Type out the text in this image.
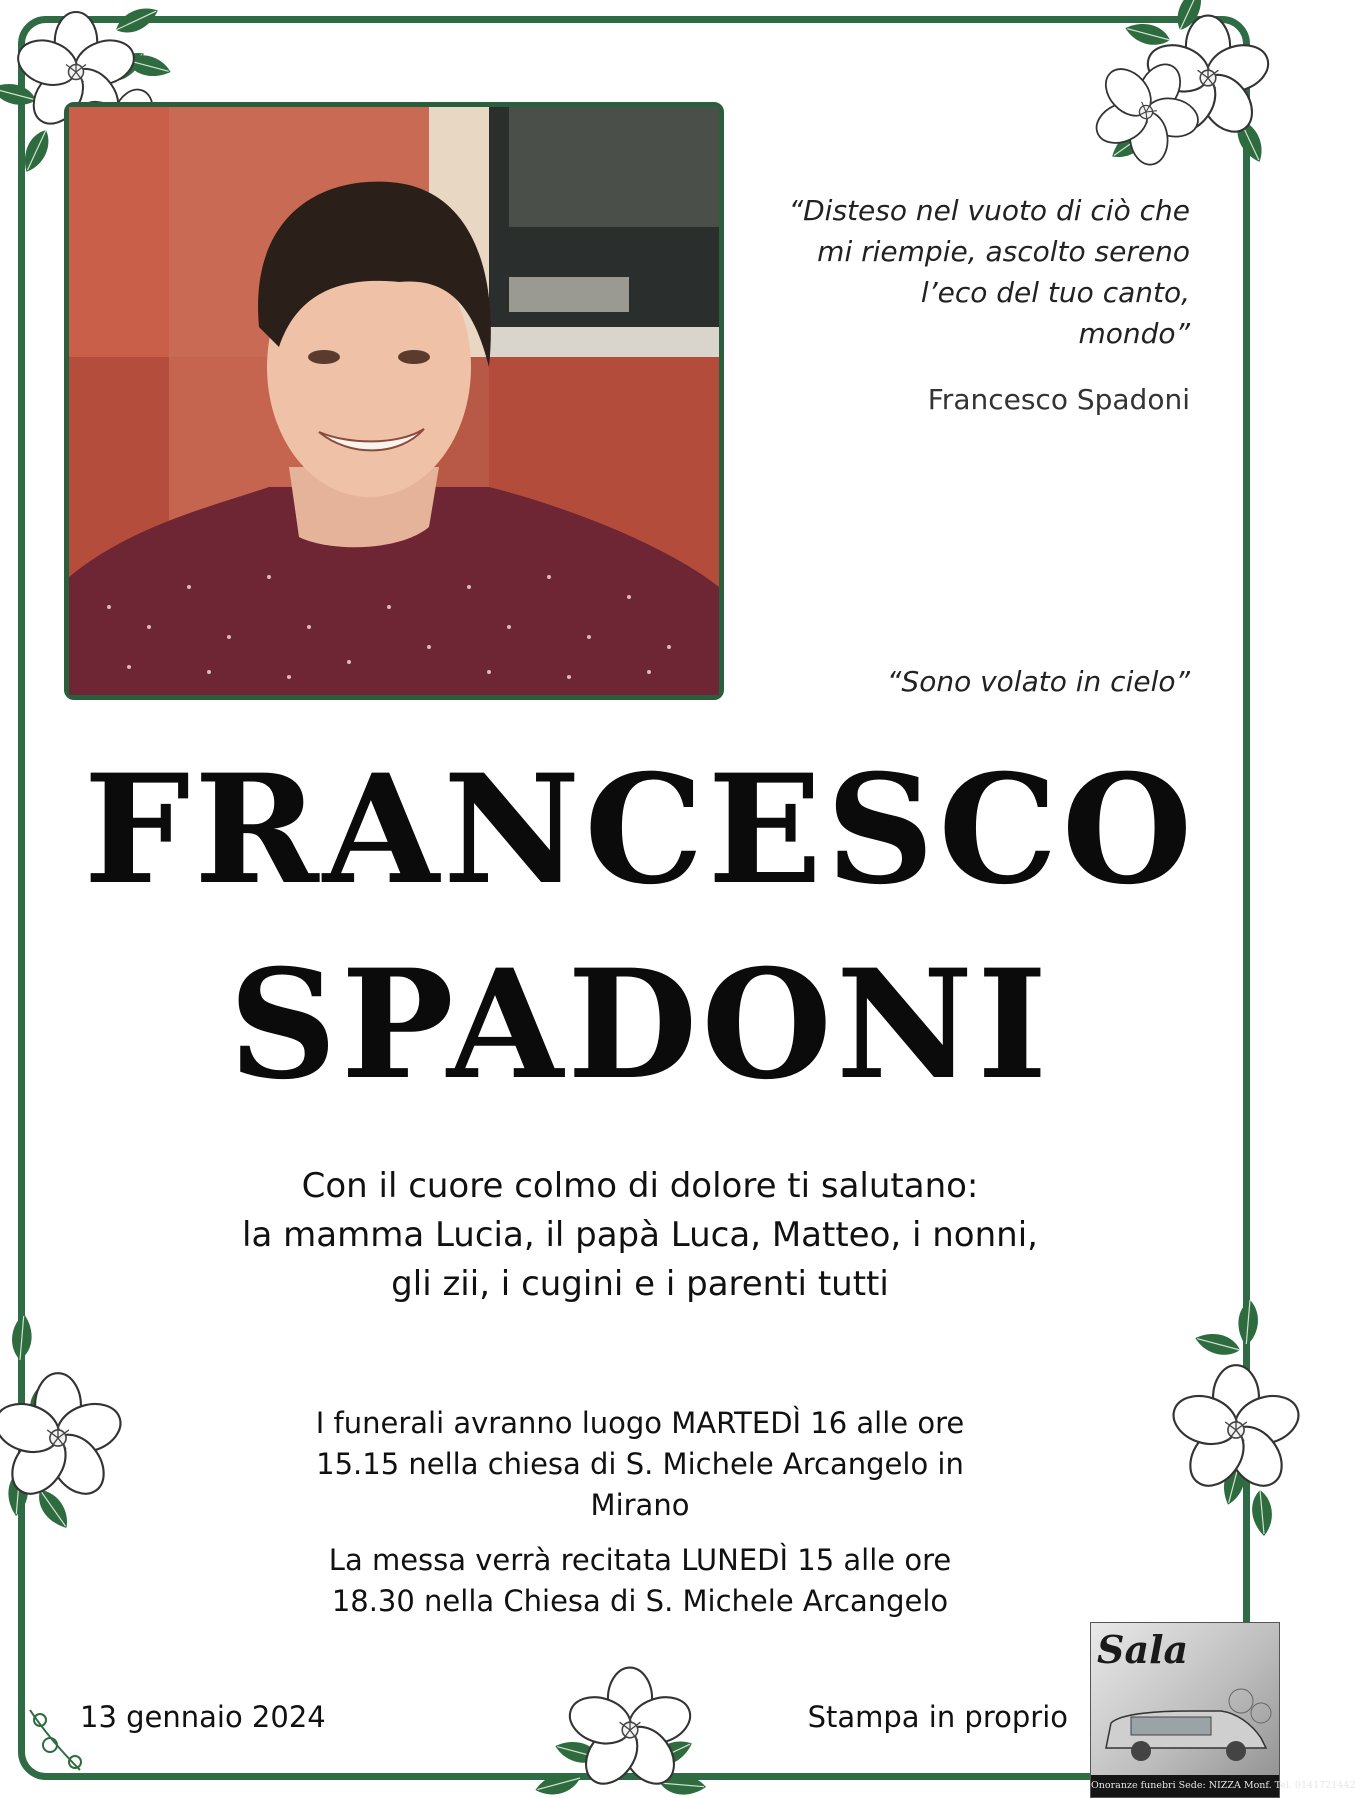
“Disteso nel vuoto di ciò che
mi riempie, ascolto sereno
l’eco del tuo canto,
mondo”
Francesco Spadoni
“Sono volato in cielo”
FRANCESCO
SPADONI
Con il cuore colmo di dolore ti salutano:
la mamma Lucia, il papà Luca, Matteo, i nonni,
gli zii, i cugini e i parenti tutti
I funerali avranno luogo MARTEDÌ 16 alle ore
15.15 nella chiesa di S. Michele Arcangelo in
Mirano
La messa verrà recitata LUNEDÌ 15 alle ore
18.30 nella Chiesa di S. Michele Arcangelo
13 gennaio 2024	Stampa in proprio
Sala
Onoranze funebri Sede: NIZZA Monf. Tel. 0141721442
